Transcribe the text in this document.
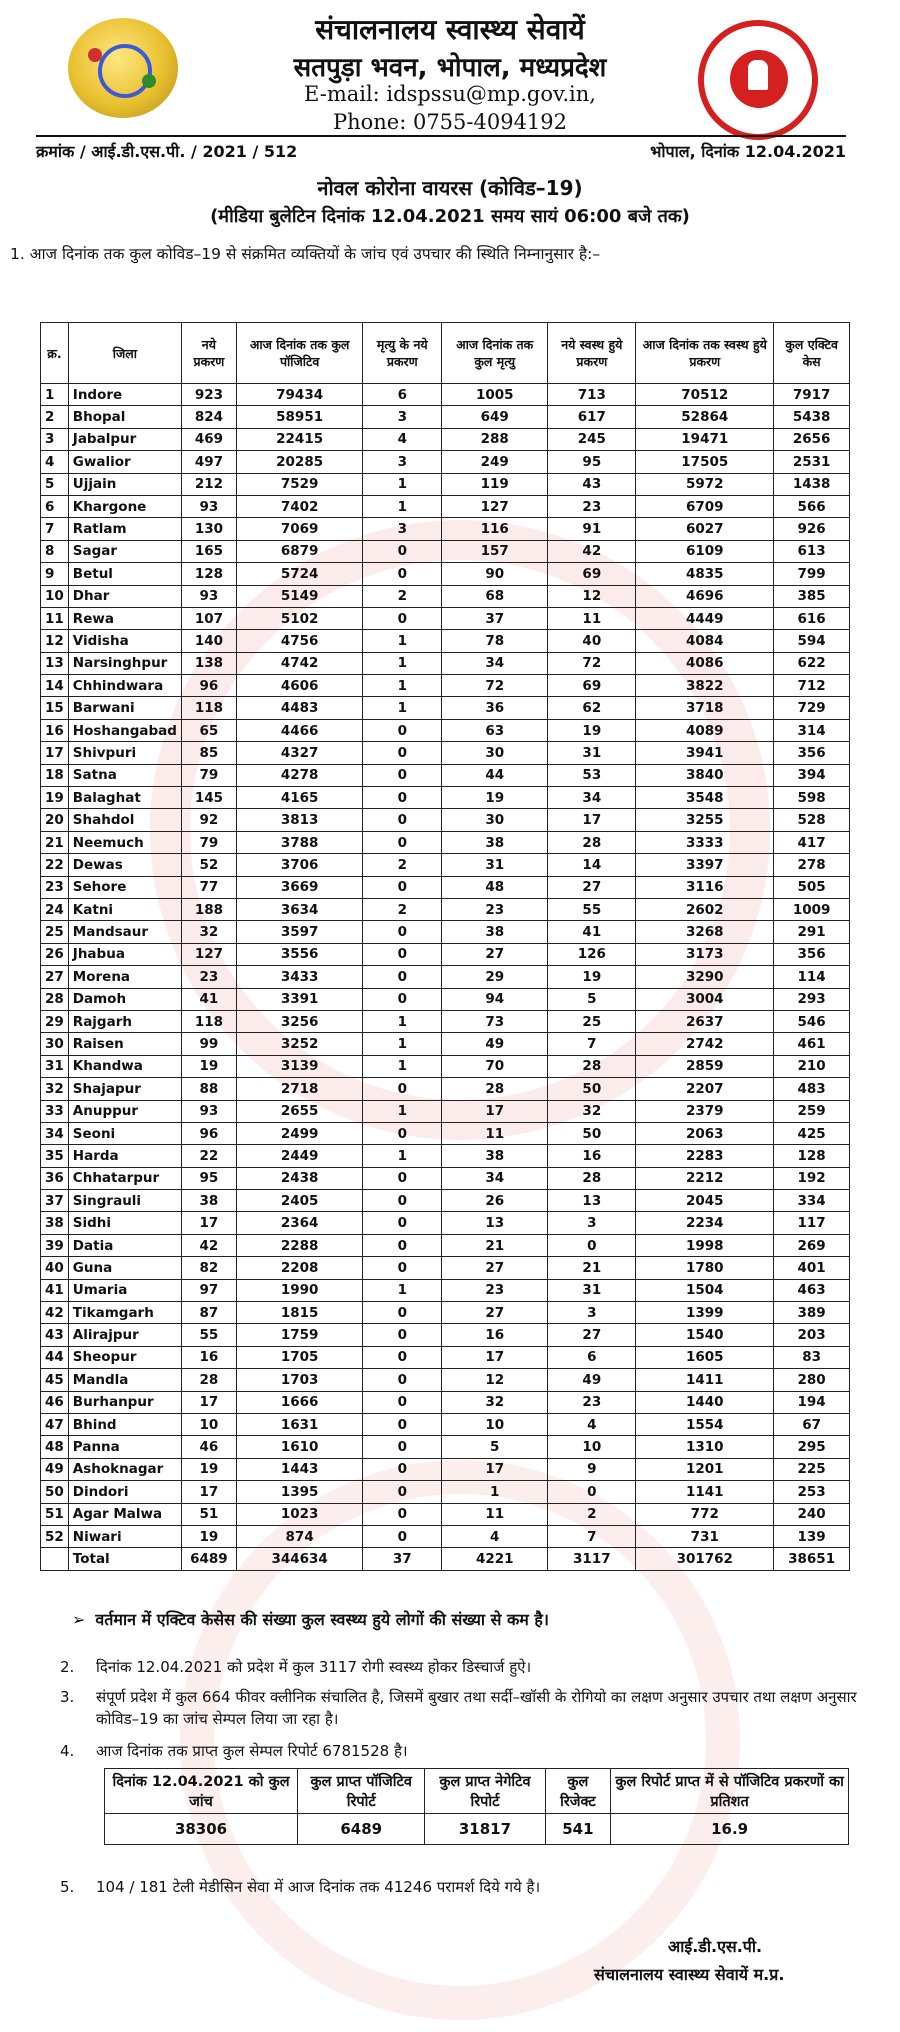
संचालनालय स्वास्थ्य सेवायें
सतपुड़ा भवन, भोपाल, मध्यप्रदेश
E-mail: idspssu@mp.gov.in,
Phone: 0755-4094192
क्रमांक / आई.डी.एस.पी. / 2021 / 512	भोपाल, दिनांक 12.04.2021
नोवल कोरोना वायरस (कोविड–19)
(मीडिया बुलेटिन दिनांक 12.04.2021 समय सायं 06:00 बजे तक)
1. आज दिनांक तक कुल कोविड–19 से संक्रमित व्यक्तियों के जांच एवं उपचार की स्थिति निम्नानुसार है:–
क्र.	जिला	नये प्रकरण	आज दिनांक तक कुल पॉजिटिव	मृत्यु के नये प्रकरण	आज दिनांक तक कुल मृत्यु	नये स्वस्थ हुये प्रकरण	आज दिनांक तक स्वस्थ हुये प्रकरण	कुल एक्टिव केस
1	Indore	923	79434	6	1005	713	70512	7917
2	Bhopal	824	58951	3	649	617	52864	5438
3	Jabalpur	469	22415	4	288	245	19471	2656
4	Gwalior	497	20285	3	249	95	17505	2531
5	Ujjain	212	7529	1	119	43	5972	1438
6	Khargone	93	7402	1	127	23	6709	566
7	Ratlam	130	7069	3	116	91	6027	926
8	Sagar	165	6879	0	157	42	6109	613
9	Betul	128	5724	0	90	69	4835	799
10	Dhar	93	5149	2	68	12	4696	385
11	Rewa	107	5102	0	37	11	4449	616
12	Vidisha	140	4756	1	78	40	4084	594
13	Narsinghpur	138	4742	1	34	72	4086	622
14	Chhindwara	96	4606	1	72	69	3822	712
15	Barwani	118	4483	1	36	62	3718	729
16	Hoshangabad	65	4466	0	63	19	4089	314
17	Shivpuri	85	4327	0	30	31	3941	356
18	Satna	79	4278	0	44	53	3840	394
19	Balaghat	145	4165	0	19	34	3548	598
20	Shahdol	92	3813	0	30	17	3255	528
21	Neemuch	79	3788	0	38	28	3333	417
22	Dewas	52	3706	2	31	14	3397	278
23	Sehore	77	3669	0	48	27	3116	505
24	Katni	188	3634	2	23	55	2602	1009
25	Mandsaur	32	3597	0	38	41	3268	291
26	Jhabua	127	3556	0	27	126	3173	356
27	Morena	23	3433	0	29	19	3290	114
28	Damoh	41	3391	0	94	5	3004	293
29	Rajgarh	118	3256	1	73	25	2637	546
30	Raisen	99	3252	1	49	7	2742	461
31	Khandwa	19	3139	1	70	28	2859	210
32	Shajapur	88	2718	0	28	50	2207	483
33	Anuppur	93	2655	1	17	32	2379	259
34	Seoni	96	2499	0	11	50	2063	425
35	Harda	22	2449	1	38	16	2283	128
36	Chhatarpur	95	2438	0	34	28	2212	192
37	Singrauli	38	2405	0	26	13	2045	334
38	Sidhi	17	2364	0	13	3	2234	117
39	Datia	42	2288	0	21	0	1998	269
40	Guna	82	2208	0	27	21	1780	401
41	Umaria	97	1990	1	23	31	1504	463
42	Tikamgarh	87	1815	0	27	3	1399	389
43	Alirajpur	55	1759	0	16	27	1540	203
44	Sheopur	16	1705	0	17	6	1605	83
45	Mandla	28	1703	0	12	49	1411	280
46	Burhanpur	17	1666	0	32	23	1440	194
47	Bhind	10	1631	0	10	4	1554	67
48	Panna	46	1610	0	5	10	1310	295
49	Ashoknagar	19	1443	0	17	9	1201	225
50	Dindori	17	1395	0	1	0	1141	253
51	Agar Malwa	51	1023	0	11	2	772	240
52	Niwari	19	874	0	4	7	731	139
	Total	6489	344634	37	4221	3117	301762	38651
➢ वर्तमान में एक्टिव केसेस की संख्या कुल स्वस्थ्य हुये लोगों की संख्या से कम है।
2. दिनांक 12.04.2021 को प्रदेश में कुल 3117 रोगी स्वस्थ्य होकर डिस्चार्ज हुऐ।
3. संपूर्ण प्रदेश में कुल 664 फीवर क्लीनिक संचालित है, जिसमें बुखार तथा सर्दी–खॉसी के रोगियो का लक्षण अनुसार उपचार तथा लक्षण अनुसार कोविड–19 का जांच सेम्पल लिया जा रहा है।
4. आज दिनांक तक प्राप्त कुल सेम्पल रिपोर्ट 6781528 है।
दिनांक 12.04.2021 को कुल जांच	कुल प्राप्त पॉजिटिव रिपोर्ट	कुल प्राप्त नेगेटिव रिपोर्ट	कुल रिजेक्ट	कुल रिपोर्ट प्राप्त में से पॉजिटिव प्रकरणों का प्रतिशत
38306	6489	31817	541	16.9
5. 104 / 181 टेली मेडीसिन सेवा में आज दिनांक तक 41246 परामर्श दिये गये है।
आई.डी.एस.पी.
संचालनालय स्वास्थ्य सेवायें म.प्र.
